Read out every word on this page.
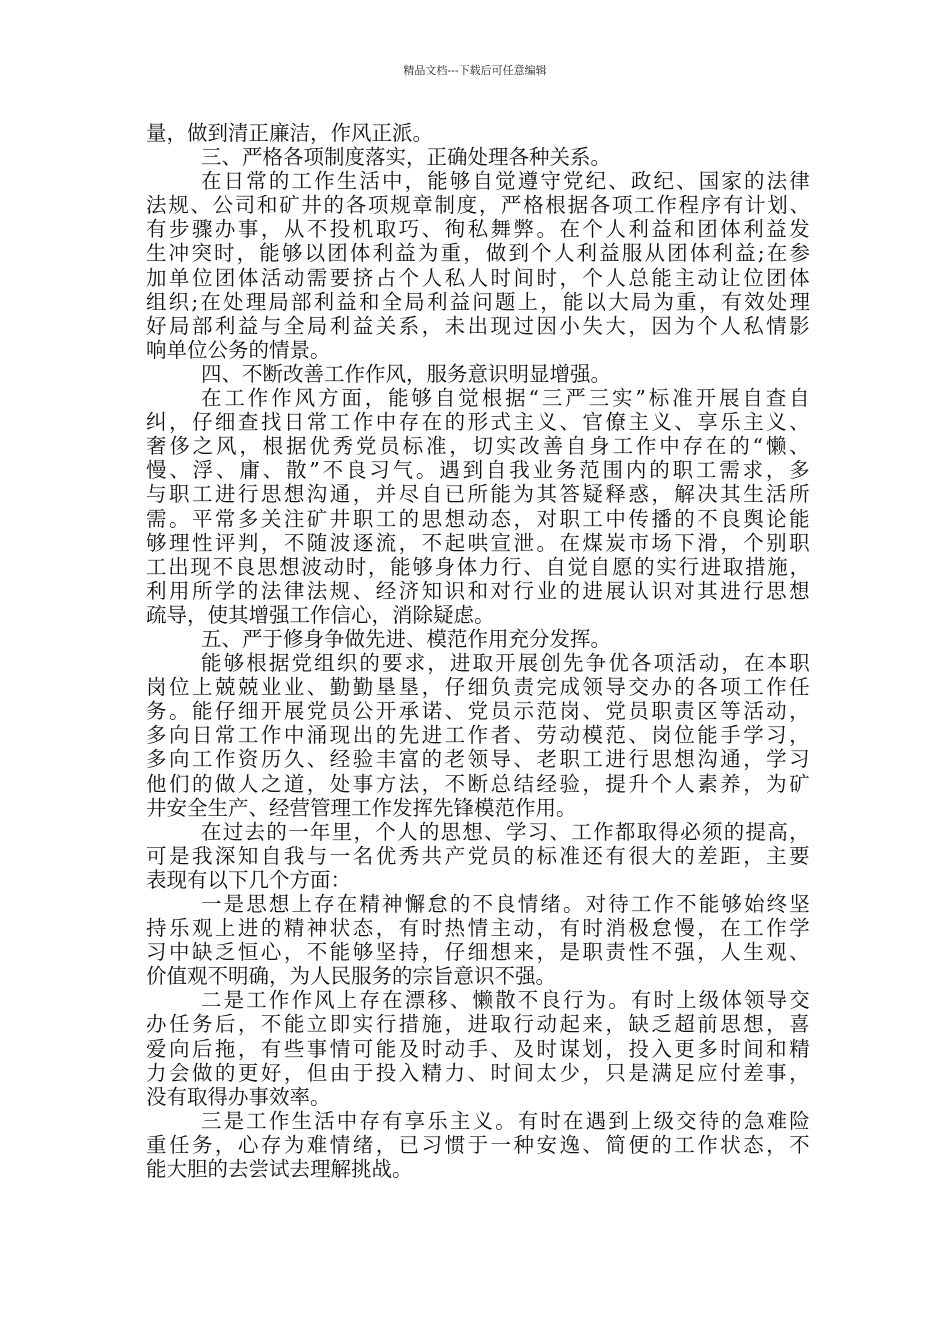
精品文档---下载后可任意编辑
量，做到清正廉洁，作风正派。
三、严格各项制度落实，正确处理各种关系。
在 日 常 的 工 作 生 活 中 ， 能 够 自 觉 遵 守 党 纪 、 政 纪 、 国 家 的 法 律
法 规 、 公 司 和 矿 井 的 各 项 规 章 制 度 ， 严 格 根 据 各 项 工 作 程 序 有 计 划 、
有 步 骤 办 事 ， 从 不 投 机 取 巧 、 徇 私 舞 弊 。 在 个 人 利 益 和 团 体 利 益 发
生 冲 突 时 ， 能 够 以 团 体 利 益 为 重 ， 做 到 个 人 利 益 服 从 团 体 利 益 ; 在 参
加 单 位 团 体 活 动 需 要 挤 占 个 人 私 人 时 间 时 ， 个 人 总 能 主 动 让 位 团 体
组 织 ; 在 处 理 局 部 利 益 和 全 局 利 益 问 题 上 ， 能 以 大 局 为 重 ， 有 效 处 理
好 局 部 利 益 与 全 局 利 益 关 系 ， 未 出 现 过 因 小 失 大 ， 因 为 个 人 私 情 影
响单位公务的情景。
四、不断改善工作作风，服务意识明显增强。
在 工 作 作 风 方 面 ， 能 够 自 觉 根 据 “ 三 严 三 实 ” 标 准 开 展 自 查 自
纠 ， 仔 细 查 找 日 常 工 作 中 存 在 的 形 式 主 义 、 官 僚 主 义 、 享 乐 主 义 、
奢 侈 之 风 ， 根 据 优 秀 党 员 标 准 ， 切 实 改 善 自 身 工 作 中 存 在 的 “ 懒 、
慢 、 浮 、 庸 、 散 ” 不 良 习 气 。 遇 到 自 我 业 务 范 围 内 的 职 工 需 求 ， 多
与 职 工 进 行 思 想 沟 通 ， 并 尽 自 已 所 能 为 其 答 疑 释 惑 ， 解 决 其 生 活 所
需 。 平 常 多 关 注 矿 井 职 工 的 思 想 动 态 ， 对 职 工 中 传 播 的 不 良 舆 论 能
够 理 性 评 判 ， 不 随 波 逐 流 ， 不 起 哄 宣 泄 。 在 煤 炭 市 场 下 滑 ， 个 别 职
工 出 现 不 良 思 想 波 动 时 ， 能 够 身 体 力 行 、 自 觉 自 愿 的 实 行 进 取 措 施 ，
利 用 所 学 的 法 律 法 规 、 经 济 知 识 和 对 行 业 的 进 展 认 识 对 其 进 行 思 想
疏导，使其增强工作信心，消除疑虑。
五、严于修身争做先进、模范作用充分发挥。
能 够 根 据 党 组 织 的 要 求 ， 进 取 开 展 创 先 争 优 各 项 活 动 ， 在 本 职
岗 位 上 兢 兢 业 业 、 勤 勤 垦 垦 ， 仔 细 负 责 完 成 领 导 交 办 的 各 项 工 作 任
务 。 能 仔 细 开 展 党 员 公 开 承 诺 、 党 员 示 范 岗 、 党 员 职 责 区 等 活 动 ，
多 向 日 常 工 作 中 涌 现 出 的 先 进 工 作 者 、 劳 动 模 范 、 岗 位 能 手 学 习 ，
多 向 工 作 资 历 久 、 经 验 丰 富 的 老 领 导 、 老 职 工 进 行 思 想 沟 通 ， 学 习
他 们 的 做 人 之 道 ， 处 事 方 法 ， 不 断 总 结 经 验 ， 提 升 个 人 素 养 ， 为 矿
井安全生产、经营管理工作发挥先锋模范作用。
在 过 去 的 一 年 里 ， 个 人 的 思 想 、 学 习 、 工 作 都 取 得 必 须 的 提 高 ，
可 是 我 深 知 自 我 与 一 名 优 秀 共 产 党 员 的 标 准 还 有 很 大 的 差 距 ， 主 要
表现有以下几个方面：
一 是 思 想 上 存 在 精 神 懈 怠 的 不 良 情 绪 。 对 待 工 作 不 能 够 始 终 坚
持 乐 观 上 进 的 精 神 状 态 ， 有 时 热 情 主 动 ， 有 时 消 极 怠 慢 ， 在 工 作 学
习 中 缺 乏 恒 心 ， 不 能 够 坚 持 ， 仔 细 想 来 ， 是 职 责 性 不 强 ， 人 生 观 、
价值观不明确，为人民服务的宗旨意识不强。
二 是 工 作 作 风 上 存 在 漂 移 、 懒 散 不 良 行 为 。 有 时 上 级 体 领 导 交
办 任 务 后 ， 不 能 立 即 实 行 措 施 ， 进 取 行 动 起 来 ， 缺 乏 超 前 思 想 ， 喜
爱 向 后 拖 ， 有 些 事 情 可 能 及 时 动 手 、 及 时 谋 划 ， 投 入 更 多 时 间 和 精
力 会 做 的 更 好 ， 但 由 于 投 入 精 力 、 时 间 太 少 ， 只 是 满 足 应 付 差 事 ，
没有取得办事效率。
三 是 工 作 生 活 中 存 有 享 乐 主 义 。 有 时 在 遇 到 上 级 交 待 的 急 难 险
重 任 务 ， 心 存 为 难 情 绪 ， 已 习 惯 于 一 种 安 逸 、 简 便 的 工 作 状 态 ， 不
能大胆的去尝试去理解挑战。
